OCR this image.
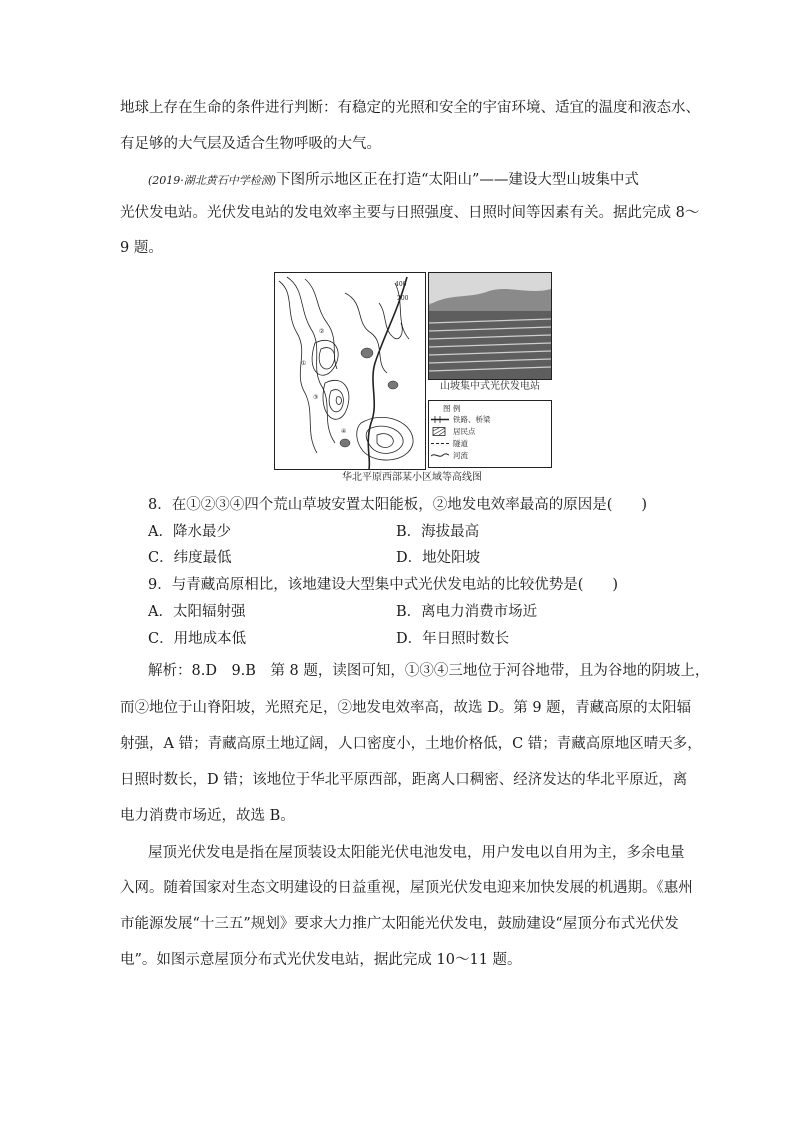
地球上存在生命的条件进行判断：有稳定的光照和安全的宇宙环境、适宜的温度和液态水、
有足够的大气层及适合生物呼吸的大气。
(2019·湖北黄石中学检测)下图所示地区正在打造“太阳山”——建设大型山坡集中式
光伏发电站。光伏发电站的发电效率主要与日照强度、日照时间等因素有关。据此完成 8～
9 题。
400
200
①
②
③
④
山坡集中式光伏发电站
图 例
铁路、桥梁
居民点
隧道
河流
华北平原西部某小区域等高线图
8．在①②③④四个荒山草坡安置太阳能板，②地发电效率最高的原因是(　　)
A．降水最少	B．海拔最高
C．纬度最低	D．地处阳坡
9．与青藏高原相比，该地建设大型集中式光伏发电站的比较优势是(　　)
A．太阳辐射强	B．离电力消费市场近
C．用地成本低	D．年日照时数长
解析：8.D　9.B　第 8 题，读图可知，①③④三地位于河谷地带，且为谷地的阴坡上，
而②地位于山脊阳坡，光照充足，②地发电效率高，故选 D。第 9 题，青藏高原的太阳辐
射强，A 错；青藏高原土地辽阔，人口密度小，土地价格低，C 错；青藏高原地区晴天多，
日照时数长，D 错；该地位于华北平原西部，距离人口稠密、经济发达的华北平原近，离
电力消费市场近，故选 B。
屋顶光伏发电是指在屋顶装设太阳能光伏电池发电，用户发电以自用为主，多余电量
入网。随着国家对生态文明建设的日益重视，屋顶光伏发电迎来加快发展的机遇期。《惠州
市能源发展“十三五”规划》要求大力推广太阳能光伏发电，鼓励建设“屋顶分布式光伏发
电”。如图示意屋顶分布式光伏发电站，据此完成 10～11 题。
